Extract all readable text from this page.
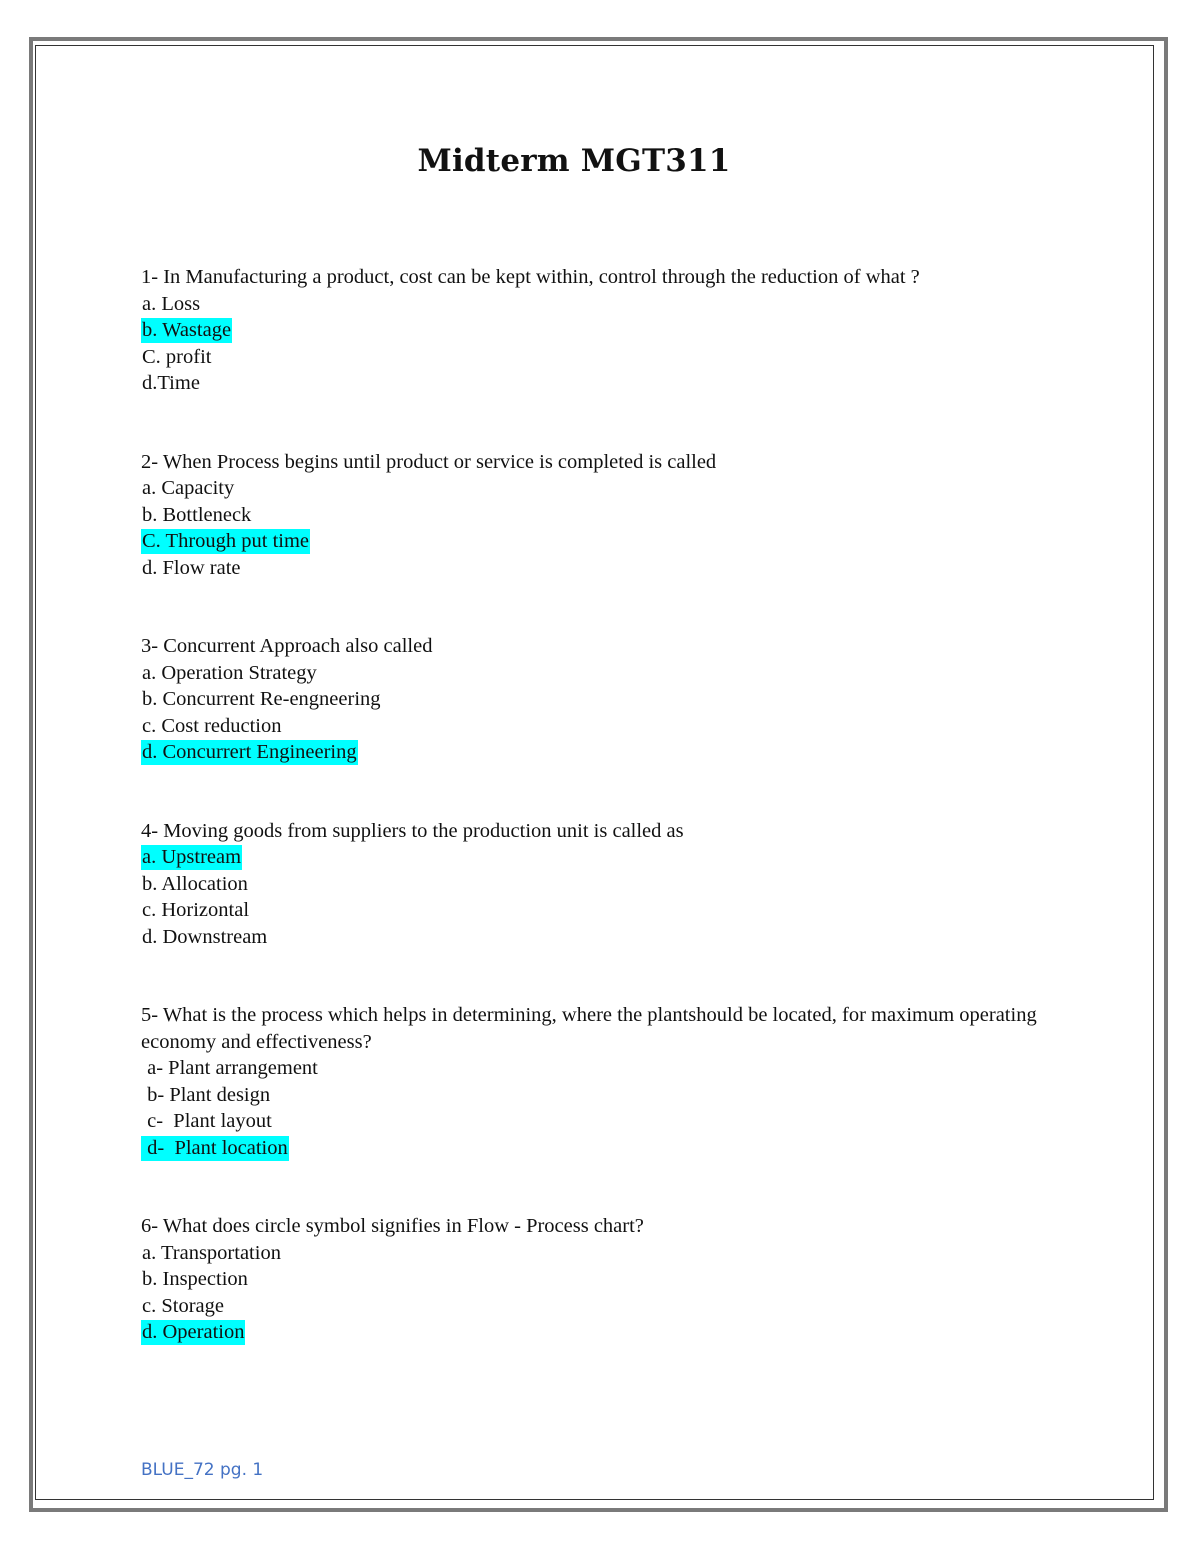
Midterm MGT311
1- In Manufacturing a product, cost can be kept within, control through the reduction of what ?
a. Loss
b. Wastage
C. profit
d.Time
2- When Process begins until product or service is completed is called
a. Capacity
b. Bottleneck
C. Through put time
d. Flow rate
3- Concurrent Approach also called
a. Operation Strategy
b. Concurrent Re-engneering
c. Cost reduction
d. Concurrert Engineering
4- Moving goods from suppliers to the production unit is called as
a. Upstream
b. Allocation
c. Horizontal
d. Downstream
5- What is the process which helps in determining, where the plantshould be located, for maximum operating economy and effectiveness?
a- Plant arrangement
b- Plant design
c-  Plant layout
d-  Plant location
6- What does circle symbol signifies in Flow - Process chart?
a. Transportation
b. Inspection
c. Storage
d. Operation
BLUE_72 pg. 1
